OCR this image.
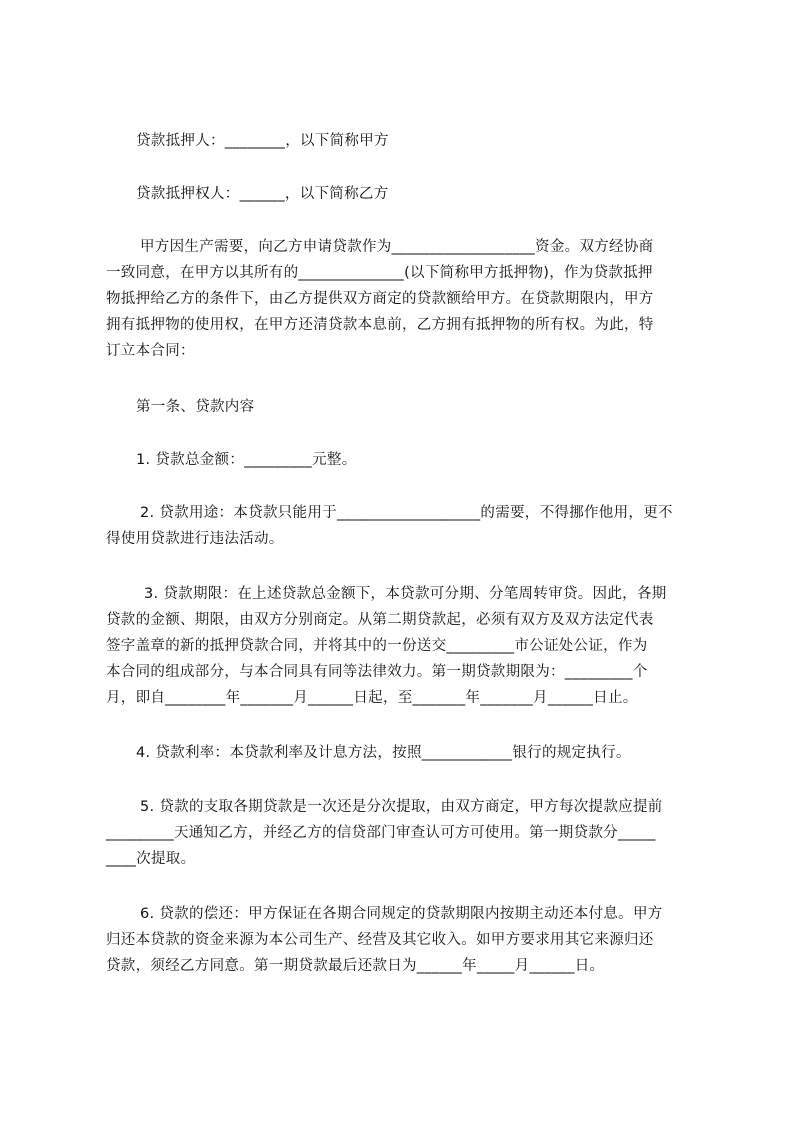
贷款抵押人：________，以下简称甲方
贷款抵押权人：______，以下简称乙方
甲方因生产需要，向乙方申请贷款作为___________________资金。双方经协商
一致同意，在甲方以其所有的______________(以下简称甲方抵押物)，作为贷款抵押
物抵押给乙方的条件下，由乙方提供双方商定的贷款额给甲方。在贷款期限内，甲方
拥有抵押物的使用权，在甲方还清贷款本息前，乙方拥有抵押物的所有权。为此，特
订立本合同：
第一条、贷款内容
1. 贷款总金额：_________元整。
2. 贷款用途：本贷款只能用于___________________的需要，不得挪作他用，更不
得使用贷款进行违法活动。
3. 贷款期限：在上述贷款总金额下，本贷款可分期、分笔周转审贷。因此，各期
贷款的金额、期限，由双方分别商定。从第二期贷款起，必须有双方及双方法定代表
签字盖章的新的抵押贷款合同，并将其中的一份送交_________市公证处公证，作为
本合同的组成部分，与本合同具有同等法律效力。第一期贷款期限为：_________个
月，即自________年_______月______日起，至_______年_______月______日止。
4. 贷款利率：本贷款利率及计息方法，按照____________银行的规定执行。
5. 贷款的支取各期贷款是一次还是分次提取，由双方商定，甲方每次提款应提前
_________天通知乙方，并经乙方的信贷部门审查认可方可使用。第一期贷款分_____
____次提取。
6. 贷款的偿还：甲方保证在各期合同规定的贷款期限内按期主动还本付息。甲方
归还本贷款的资金来源为本公司生产、经营及其它收入。如甲方要求用其它来源归还
贷款，须经乙方同意。第一期贷款最后还款日为______年_____月______日。
